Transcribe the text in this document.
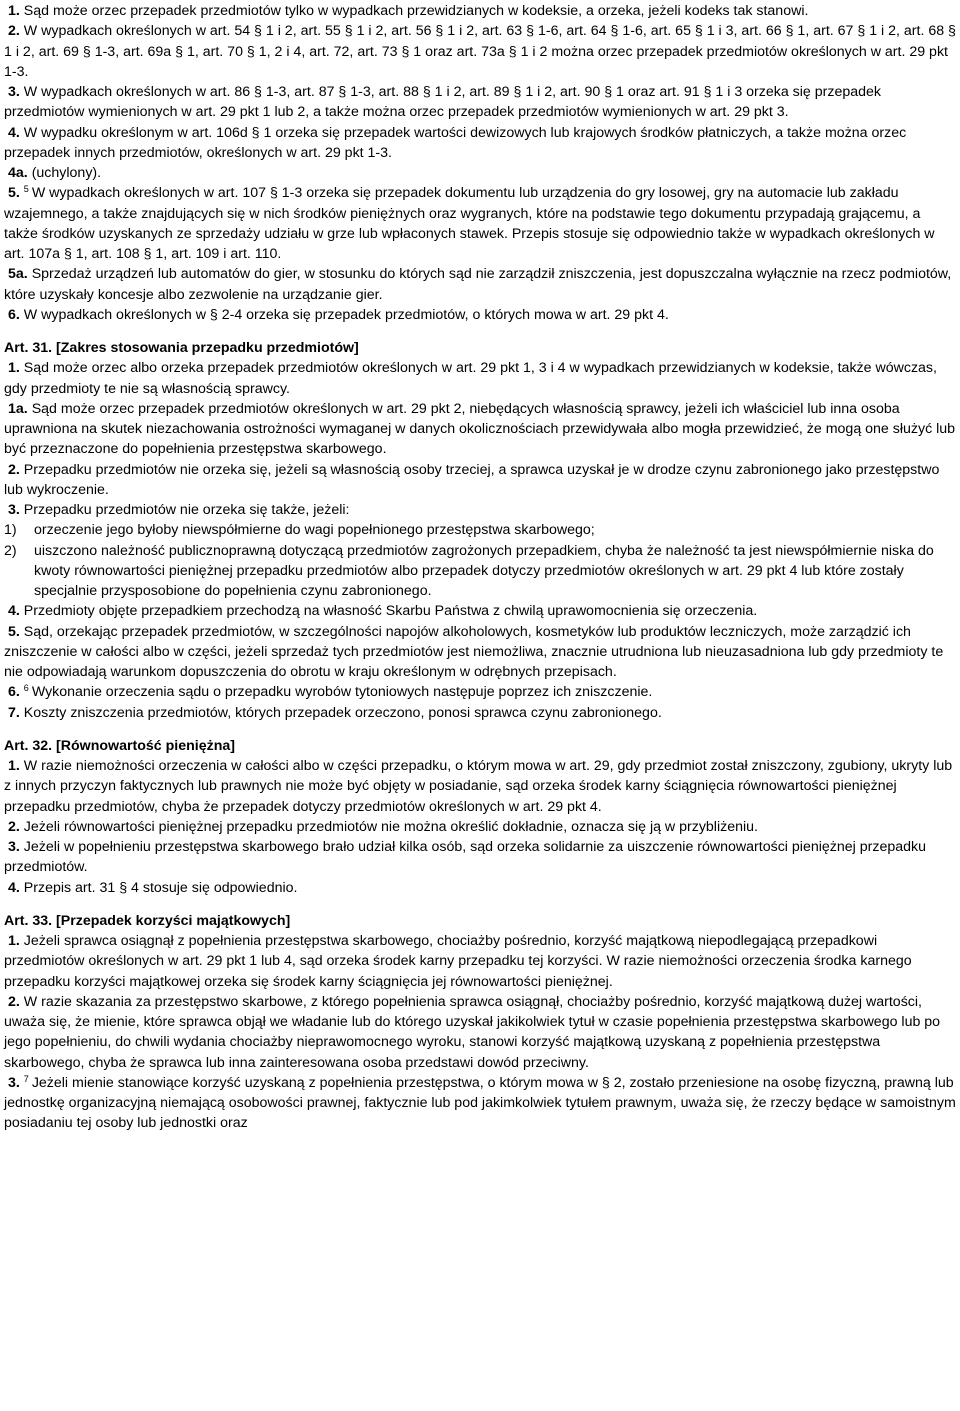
1. Sąd może orzec przepadek przedmiotów tylko w wypadkach przewidzianych w kodeksie, a orzeka, jeżeli kodeks tak stanowi.

2. W wypadkach określonych w art. 54 § 1 i 2, art. 55 § 1 i 2, art. 56 § 1 i 2, art. 63 § 1-6, art. 64 § 1-6, art. 65 § 1 i 3, art. 66 § 1, art. 67 § 1 i 2, art. 68 § 1 i 2, art. 69 § 1-3, art. 69a § 1, art. 70 § 1, 2 i 4, art. 72, art. 73 § 1 oraz art. 73a § 1 i 2 można orzec przepadek przedmiotów określonych w art. 29 pkt 1-3.

3. W wypadkach określonych w art. 86 § 1-3, art. 87 § 1-3, art. 88 § 1 i 2, art. 89 § 1 i 2, art. 90 § 1 oraz art. 91 § 1 i 3 orzeka się przepadek przedmiotów wymienionych w art. 29 pkt 1 lub 2, a także można orzec przepadek przedmiotów wymienionych w art. 29 pkt 3.

4. W wypadku określonym w art. 106d § 1 orzeka się przepadek wartości dewizowych lub krajowych środków płatniczych, a także można orzec przepadek innych przedmiotów, określonych w art. 29 pkt 1-3.

4a. (uchylony).

5. $^5$ W wypadkach określonych w art. 107 § 1-3 orzeka się przepadek dokumentu lub urządzenia do gry losowej, gry na automacie lub zakładu wzajemnego, a także znajdujących się w nich środków pieniężnych oraz wygranych, które na podstawie tego dokumentu przypadają grającemu, a także środków uzyskanych ze sprzedaży udziału w grze lub wpłaconych stawek. Przepis stosuje się odpowiednio także w wypadkach określonych w art. 107a § 1, art. 108 § 1, art. 109 i art. 110.

5a. Sprzedaż urządzeń lub automatów do gier, w stosunku do których sąd nie zarządził zniszczenia, jest dopuszczalna wyłącznie na rzecz podmiotów, które uzyskały koncesje albo zezwolenie na urządzanie gier.

6. W wypadkach określonych w § 2-4 orzeka się przepadek przedmiotów, o których mowa w art. 29 pkt 4.

Art. 31. [Zakres stosowania przepadku przedmiotów]

1. Sąd może orzec albo orzeka przepadek przedmiotów określonych w art. 29 pkt 1, 3 i 4 w wypadkach przewidzianych w kodeksie, także wówczas, gdy przedmioty te nie są własnością sprawcy.

1a. Sąd może orzec przepadek przedmiotów określonych w art. 29 pkt 2, niebędących własnością sprawcy, jeżeli ich właściciel lub inna osoba uprawniona na skutek niezachowania ostrożności wymaganej w danych okolicznościach przewidywała albo mogła przewidzieć, że mogą one służyć lub być przeznaczone do popełnienia przestępstwa skarbowego.

2. Przepadku przedmiotów nie orzeka się, jeżeli są własnością osoby trzeciej, a sprawca uzyskał je w drodze czynu zabronionego jako przestępstwo lub wykroczenie.

3. Przepadku przedmiotów nie orzeka się także, jeżeli:

1) orzeczenie jego byłoby niewspółmierne do wagi popełnionego przestępstwa skarbowego;

2) uiszczono należność publicznoprawną dotyczącą przedmiotów zagrożonych przepadkiem, chyba że należność ta jest niewspółmiernie niska do kwoty równowartości pieniężnej przepadku przedmiotów albo przepadek dotyczy przedmiotów określonych w art. 29 pkt 4 lub które zostały specjalnie przysposobione do popełnienia czynu zabronionego.

4. Przedmioty objęte przepadkiem przechodzą na własność Skarbu Państwa z chwilą uprawomocnienia się orzeczenia.

5. Sąd, orzekając przepadek przedmiotów, w szczególności napojów alkoholowych, kosmetyków lub produktów leczniczych, może zarządzić ich zniszczenie w całości albo w części, jeżeli sprzedaż tych przedmiotów jest niemożliwa, znacznie utrudniona lub nieuzasadniona lub gdy przedmioty te nie odpowiadają warunkom dopuszczenia do obrotu w kraju określonym w odrębnych przepisach.

6. $^6$ Wykonanie orzeczenia sądu o przepadku wyrobów tytoniowych następuje poprzez ich zniszczenie.

7. Koszty zniszczenia przedmiotów, których przepadek orzeczono, ponosi sprawca czynu zabronionego.

Art. 32. [Równowartość pieniężna]

1. W razie niemożności orzeczenia w całości albo w części przepadku, o którym mowa w art. 29, gdy przedmiot został zniszczony, zgubiony, ukryty lub z innych przyczyn faktycznych lub prawnych nie może być objęty w posiadanie, sąd orzeka środek karny ściągnięcia równowartości pieniężnej przepadku przedmiotów, chyba że przepadek dotyczy przedmiotów określonych w art. 29 pkt 4.

2. Jeżeli równowartości pieniężnej przepadku przedmiotów nie można określić dokładnie, oznacza się ją w przybliżeniu.

3. Jeżeli w popełnieniu przestępstwa skarbowego brało udział kilka osób, sąd orzeka solidarnie za uiszczenie równowartości pieniężnej przepadku przedmiotów.

4. Przepis art. 31 § 4 stosuje się odpowiednio.

Art. 33. [Przepadek korzyści majątkowych]

1. Jeżeli sprawca osiągnął z popełnienia przestępstwa skarbowego, chociażby pośrednio, korzyść majątkową niepodlegającą przepadkowi przedmiotów określonych w art. 29 pkt 1 lub 4, sąd orzeka środek karny przepadku tej korzyści. W razie niemożności orzeczenia środka karnego przepadku korzyści majątkowej orzeka się środek karny ściągnięcia jej równowartości pieniężnej.

2. W razie skazania za przestępstwo skarbowe, z którego popełnienia sprawca osiągnął, chociażby pośrednio, korzyść majątkową dużej wartości, uważa się, że mienie, które sprawca objął we władanie lub do którego uzyskał jakikolwiek tytuł w czasie popełnienia przestępstwa skarbowego lub po jego popełnieniu, do chwili wydania chociażby nieprawomocnego wyroku, stanowi korzyść majątkową uzyskaną z popełnienia przestępstwa skarbowego, chyba że sprawca lub inna zainteresowana osoba przedstawi dowód przeciwny.

3. $^7$ Jeżeli mienie stanowiące korzyść uzyskaną z popełnienia przestępstwa, o którym mowa w § 2, zostało przeniesione na osobę fizyczną, prawną lub jednostkę organizacyjną niemającą osobowości prawnej, faktycznie lub pod jakimkolwiek tytułem prawnym, uważa się, że rzeczy będące w samoistnym posiadaniu tej osoby lub jednostki oraz
